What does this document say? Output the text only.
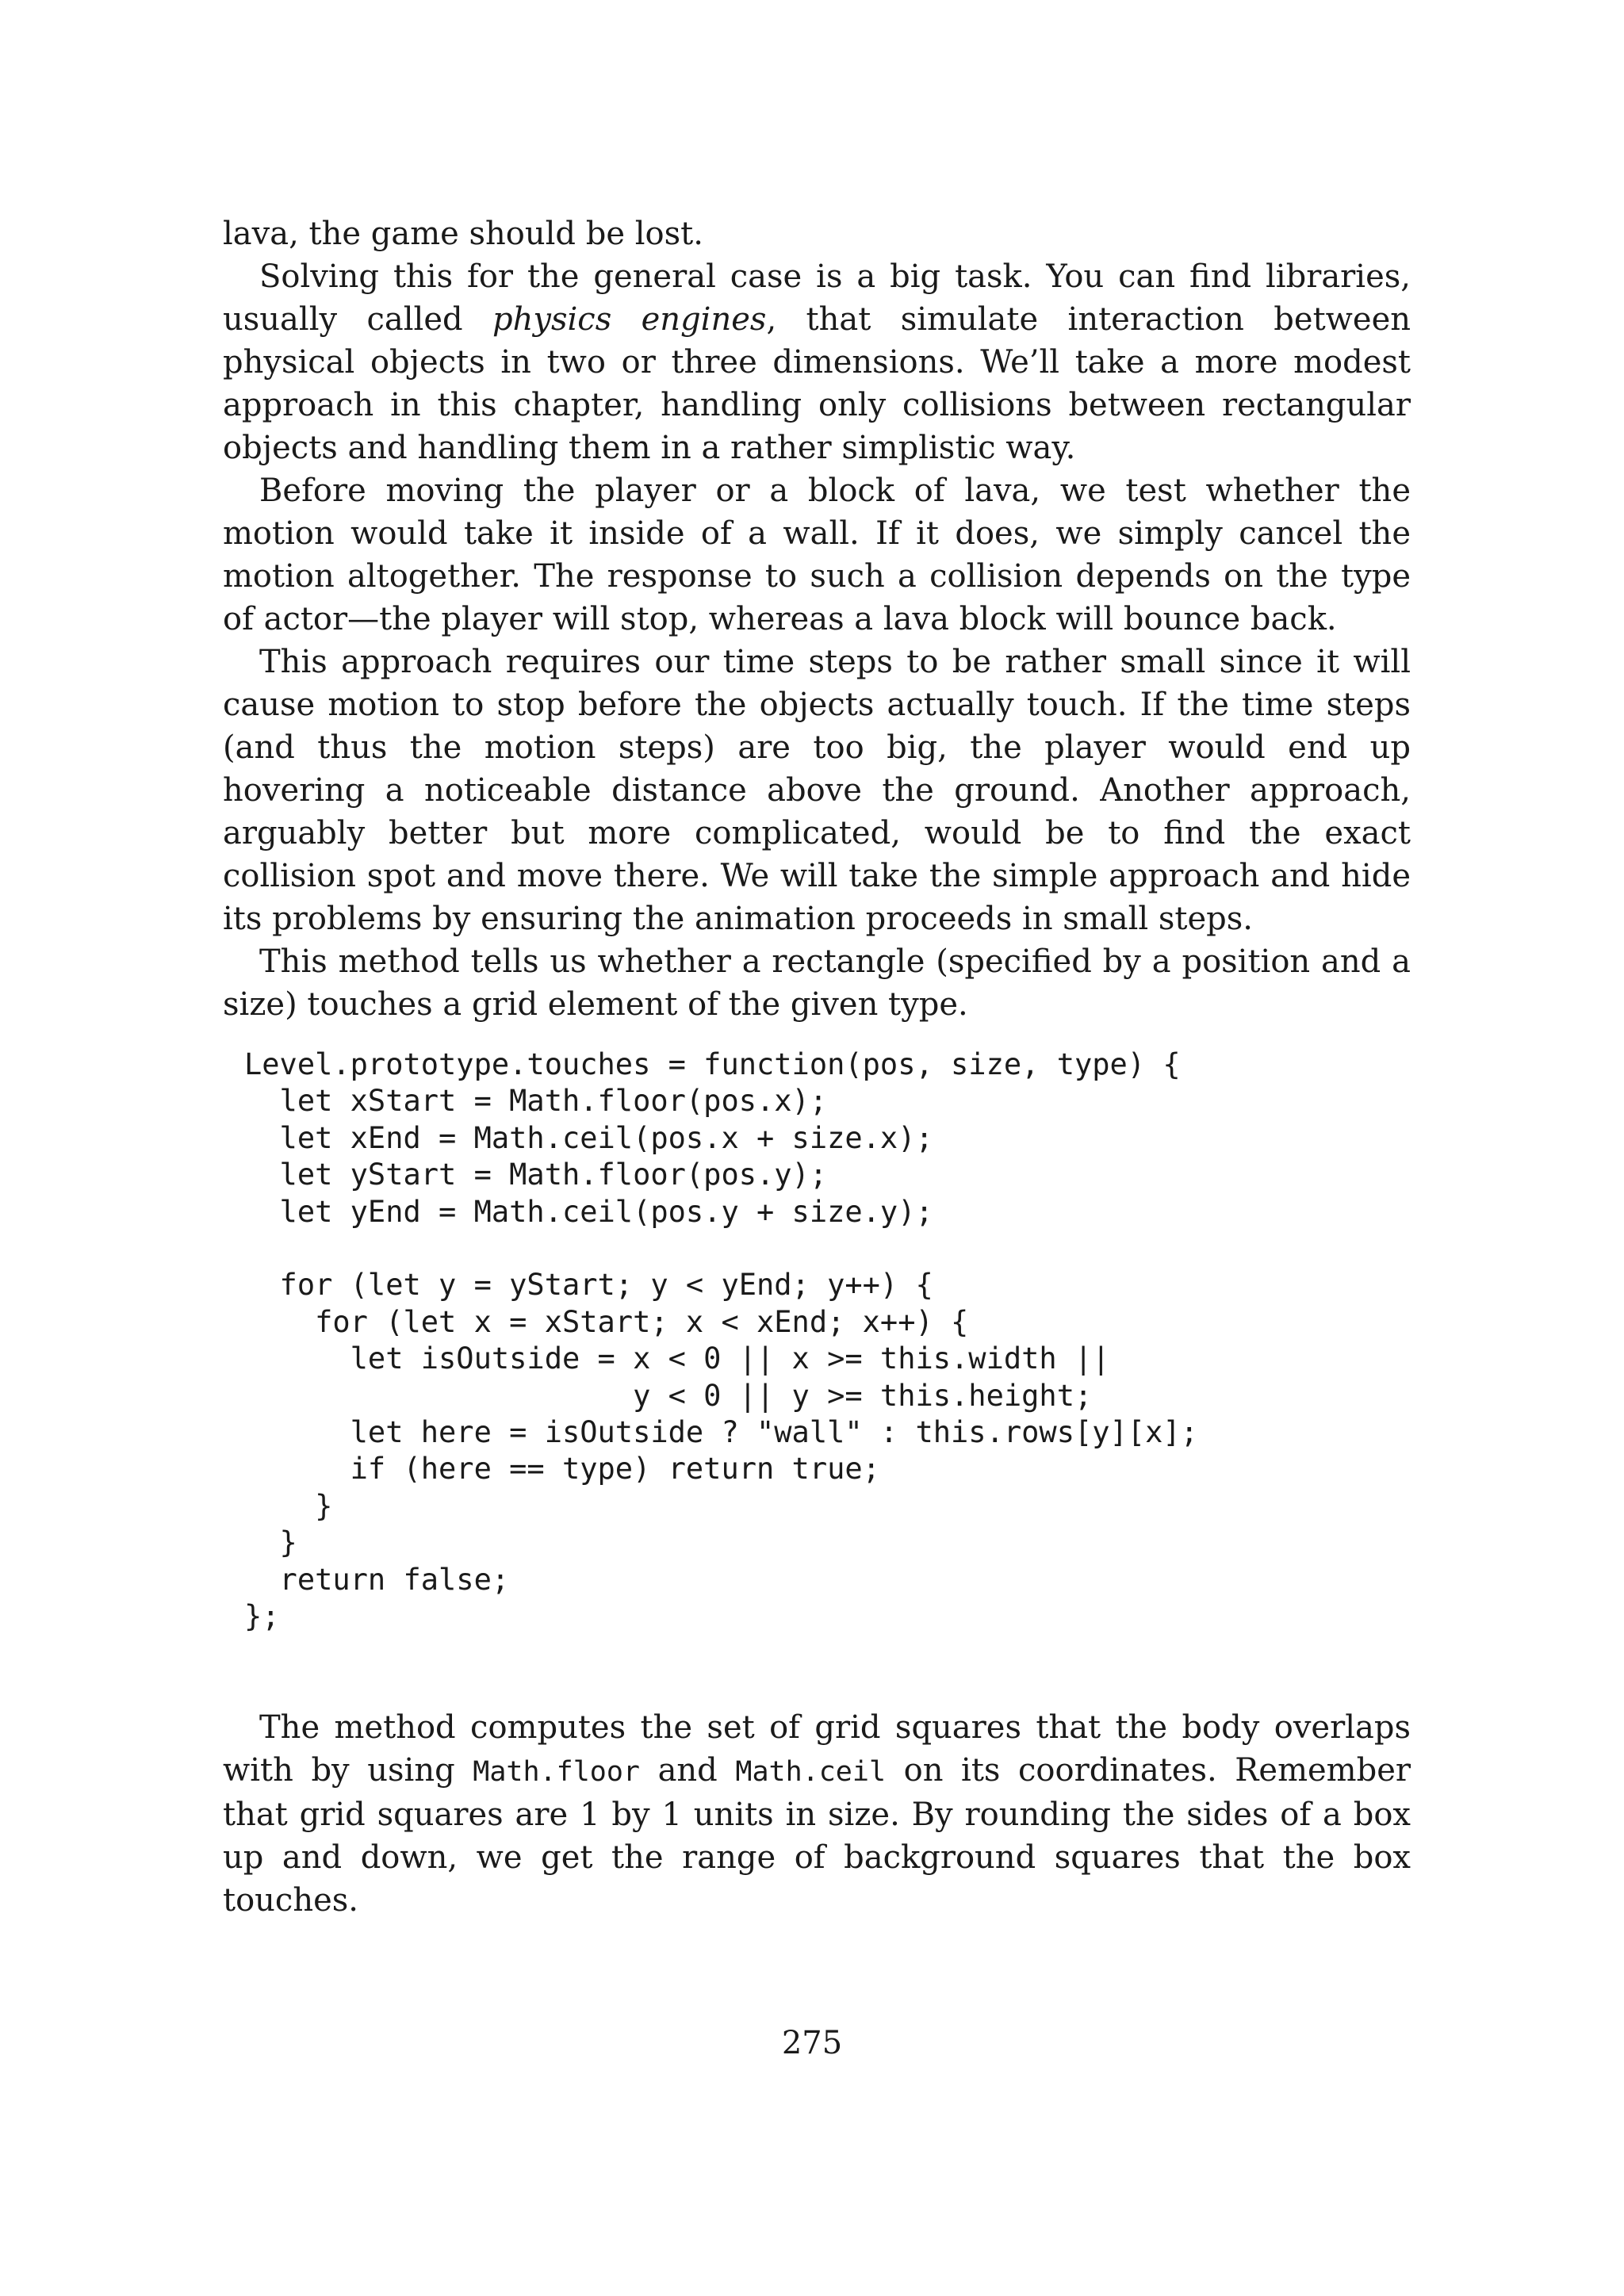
lava, the game should be lost.

Solving this for the general case is a big task. You can find libraries, usually called physics engines, that simulate interaction between physical objects in two or three dimensions. We’ll take a more modest approach in this chapter, handling only collisions between rectangular objects and handling them in a rather simplistic way.

Before moving the player or a block of lava, we test whether the motion would take it inside of a wall. If it does, we simply cancel the motion altogether. The response to such a collision depends on the type of actor—the player will stop, whereas a lava block will bounce back.

This approach requires our time steps to be rather small since it will cause motion to stop before the objects actually touch. If the time steps (and thus the motion steps) are too big, the player would end up hovering a noticeable distance above the ground. Another approach, arguably better but more complicated, would be to find the exact collision spot and move there. We will take the simple approach and hide its problems by ensuring the animation proceeds in small steps.

This method tells us whether a rectangle (specified by a position and a size) touches a grid element of the given type.

Level.prototype.touches = function(pos, size, type) {
let xStart = Math.floor(pos.x);
let xEnd = Math.ceil(pos.x + size.x);
let yStart = Math.floor(pos.y);
let yEnd = Math.ceil(pos.y + size.y);

for (let y = yStart; y < yEnd; y++) {
for (let x = xStart; x < xEnd; x++) {
let isOutside = x < 0 || x >= this.width ||
y < 0 || y >= this.height;
let here = isOutside ? "wall" : this.rows[y][x];
if (here == type) return true;
}
}
return false;
};

The method computes the set of grid squares that the body overlaps with by using Math.floor and Math.ceil on its coordinates. Remember that grid squares are 1 by 1 units in size. By rounding the sides of a box up and down, we get the range of background squares that the box touches.

275
